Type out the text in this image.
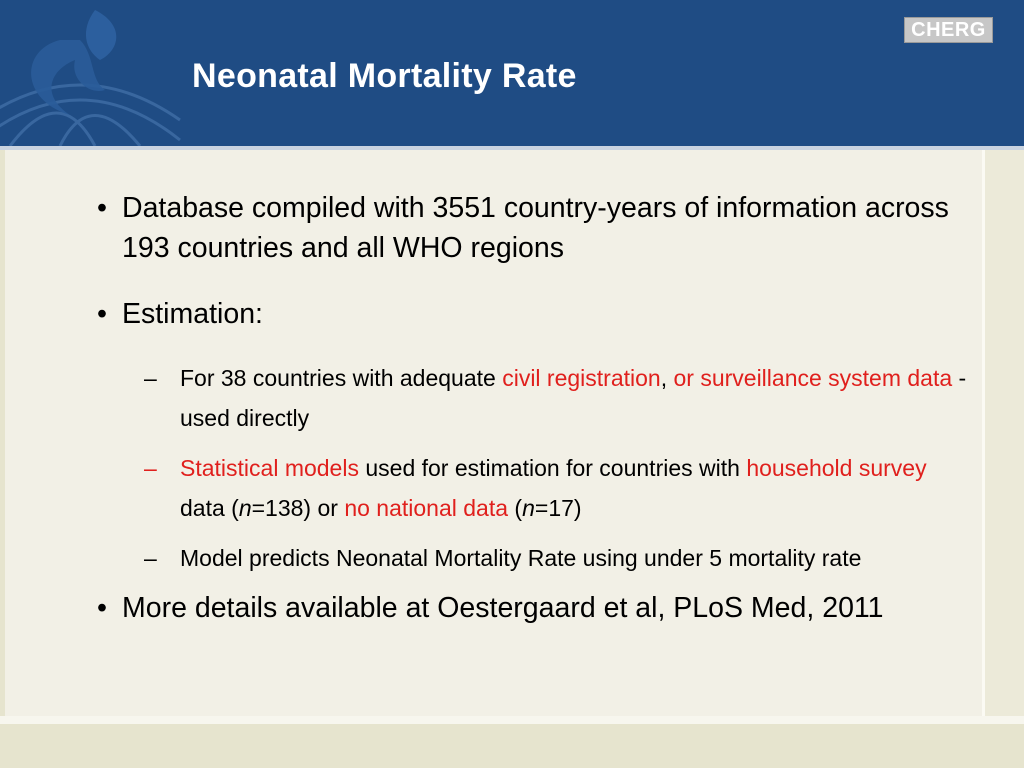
Neonatal Mortality Rate
CHERG
• Database compiled with 3551 country-years of information across 193 countries and all WHO regions
• Estimation:
– For 38 countries with adequate civil registration, or surveillance system data - used directly
– Statistical models used for estimation for countries with household survey data (n=138) or no national data (n=17)
– Model predicts Neonatal Mortality Rate using under 5 mortality rate
• More details available at Oestergaard et al, PLoS Med, 2011
